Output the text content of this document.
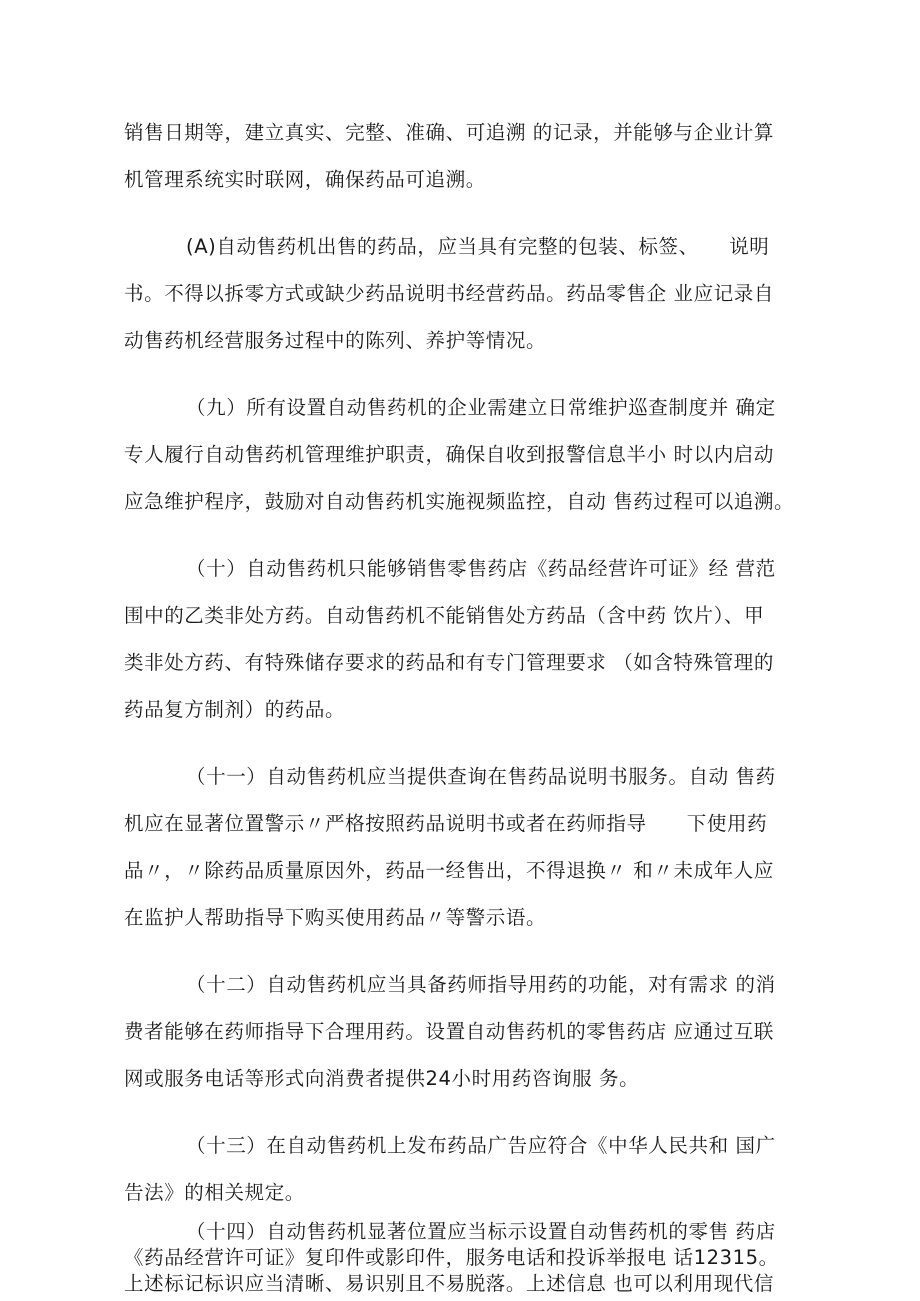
销售日期等，建立真实、完整、准确、可追溯 的记录，并能够与企业计算
机管理系统实时联网，确保药品可追溯。
(A)自动售药机出售的药品，应当具有完整的包装、标签、　　说明
书。不得以拆零方式或缺少药品说明书经营药品。药品零售企 业应记录自
动售药机经营服务过程中的陈列、养护等情况。
（九）所有设置自动售药机的企业需建立日常维护巡查制度并 确定
专人履行自动售药机管理维护职责，确保自收到报警信息半小 时以内启动
应急维护程序，鼓励对自动售药机实施视频监控，自动 售药过程可以追溯。
（十）自动售药机只能够销售零售药店《药品经营许可证》经 营范
围中的乙类非处方药。自动售药机不能销售处方药品（含中药 饮片）、甲
类非处方药、有特殊储存要求的药品和有专门管理要求 （如含特殊管理的
药品复方制剂）的药品。
（十一）自动售药机应当提供查询在售药品说明书服务。自动 售药
机应在显著位置警示〃严格按照药品说明书或者在药师指导　　下使用药
品〃，〃除药品质量原因外，药品一经售出，不得退换〃 和〃未成年人应
在监护人帮助指导下购买使用药品〃等警示语。
（十二）自动售药机应当具备药师指导用药的功能，对有需求 的消
费者能够在药师指导下合理用药。设置自动售药机的零售药店 应通过互联
网或服务电话等形式向消费者提供24小时用药咨询服 务。
（十三）在自动售药机上发布药品广告应符合《中华人民共和 国广
告法》的相关规定。
（十四）自动售药机显著位置应当标示设置自动售药机的零售 药店
《药品经营许可证》复印件或影印件，服务电话和投诉举报电 话12315。
上述标记标识应当清晰、易识别且不易脱落。上述信息 也可以利用现代信
